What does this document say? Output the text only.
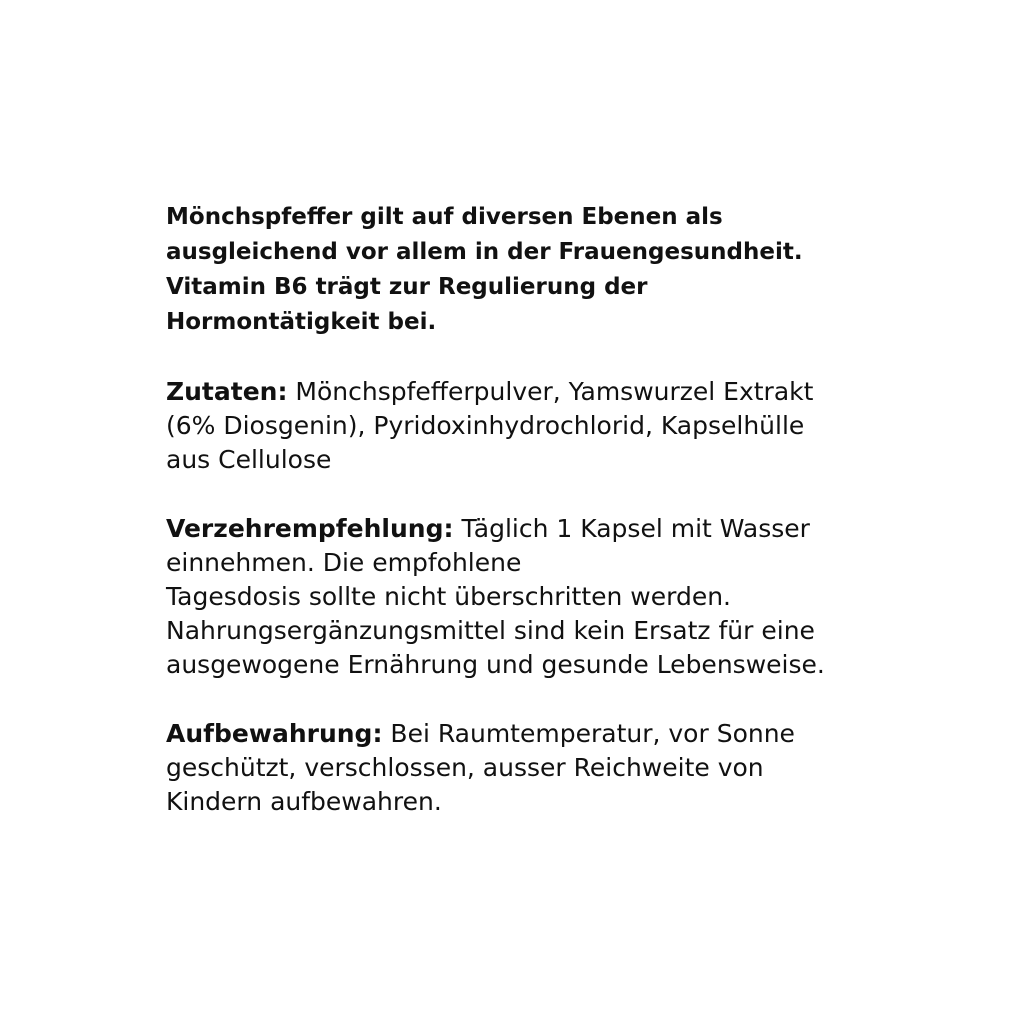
Mönchspfeffer gilt auf diversen Ebenen als
ausgleichend vor allem in der Frauengesundheit.
Vitamin B6 trägt zur Regulierung der
Hormontätigkeit bei.

Zutaten: Mönchspfefferpulver, Yamswurzel Extrakt
(6% Diosgenin), Pyridoxinhydrochlorid, Kapselhülle
aus Cellulose

Verzehrempfehlung: Täglich 1 Kapsel mit Wasser
einnehmen. Die empfohlene
Tagesdosis sollte nicht überschritten werden.
Nahrungsergänzungsmittel sind kein Ersatz für eine
ausgewogene Ernährung und gesunde Lebensweise.

Aufbewahrung: Bei Raumtemperatur, vor Sonne
geschützt, verschlossen, ausser Reichweite von
Kindern aufbewahren.
